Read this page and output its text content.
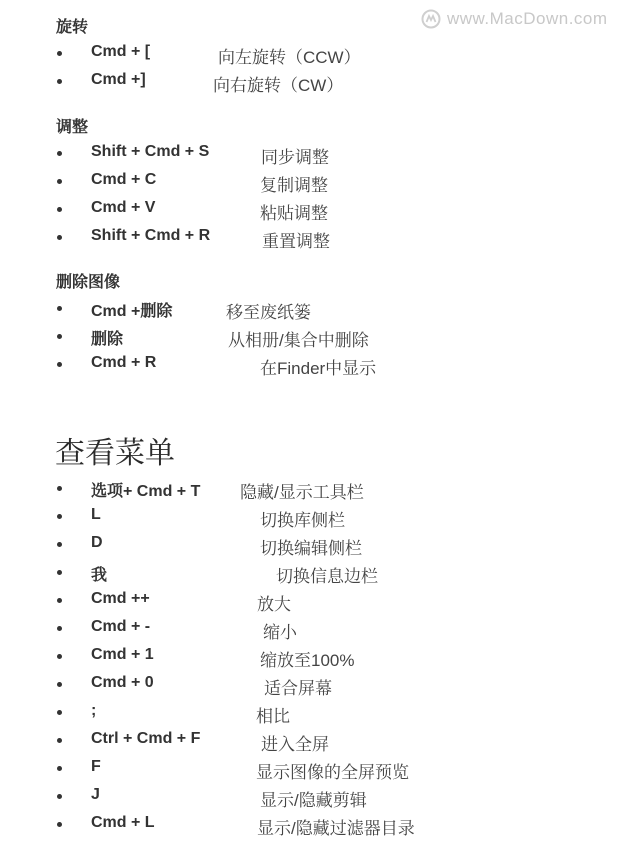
www.MacDown.com
旋转
Cmd + [	向左旋转（CCW）
Cmd +]	向右旋转（CW）
调整
Shift + Cmd + S	同步调整
Cmd + C	复制调整
Cmd + V	粘贴调整
Shift + Cmd + R	重置调整
删除图像
Cmd +删除	移至废纸篓
删除	从相册/集合中删除
Cmd + R	在Finder中显示
查看菜单
选项+ Cmd + T 隐藏/显示工具栏
L	切换库侧栏
D	切换编辑侧栏
我	切换信息边栏
Cmd ++	放大
Cmd + -	缩小
Cmd + 1	缩放至100%
Cmd + 0	适合屏幕
;	相比
Ctrl + Cmd + F	进入全屏
F	显示图像的全屏预览
J	显示/隐藏剪辑
Cmd + L	显示/隐藏过滤器目录
